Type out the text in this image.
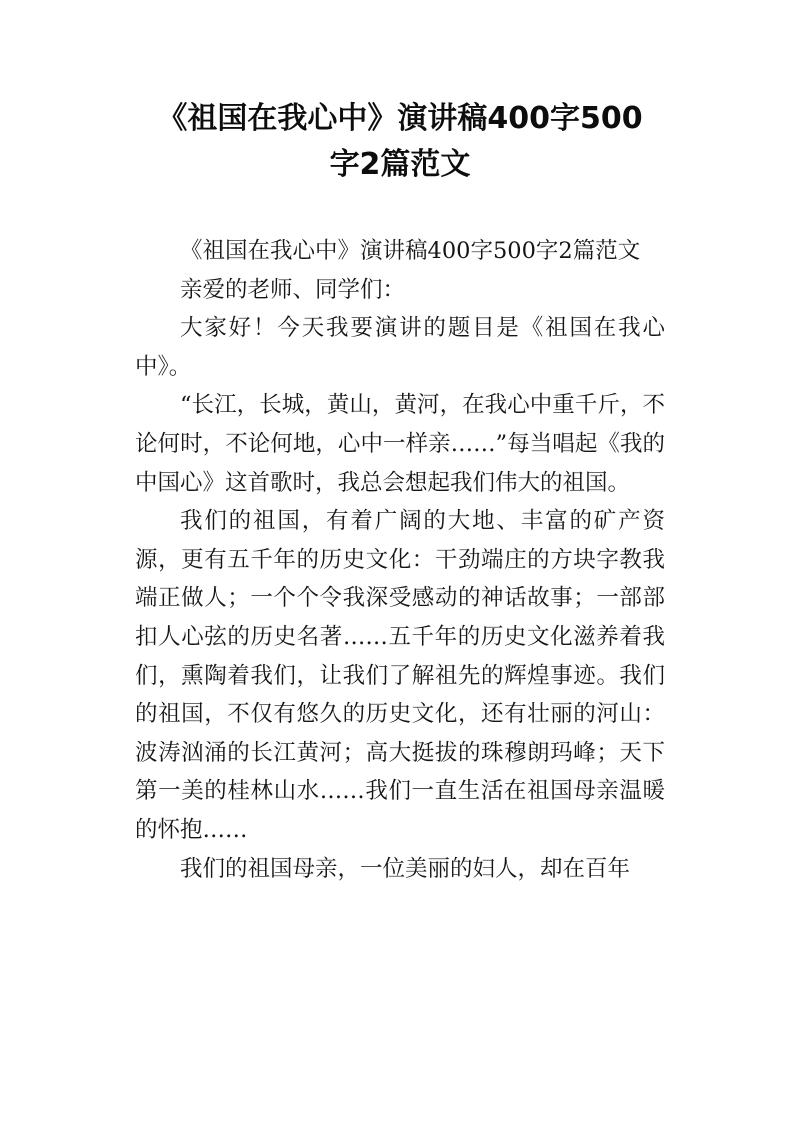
《祖国在我心中》演讲稿400字500
字2篇范文

《祖国在我心中》演讲稿400字500字2篇范文

亲爱的老师、同学们：

大家好！今天我要演讲的题目是《祖国在我心中》。

“长江，长城，黄山，黄河，在我心中重千斤，不论何时，不论何地，心中一样亲……”每当唱起《我的中国心》这首歌时，我总会想起我们伟大的祖国。

我们的祖国，有着广阔的大地、丰富的矿产资源，更有五千年的历史文化：干劲端庄的方块字教我端正做人；一个个令我深受感动的神话故事；一部部扣人心弦的历史名著……五千年的历史文化滋养着我们，熏陶着我们，让我们了解祖先的辉煌事迹。我们的祖国，不仅有悠久的历史文化，还有壮丽的河山：波涛汹涌的长江黄河；高大挺拔的珠穆朗玛峰；天下第一美的桂林山水……我们一直生活在祖国母亲温暖的怀抱……

我们的祖国母亲，一位美丽的妇人，却在百年
